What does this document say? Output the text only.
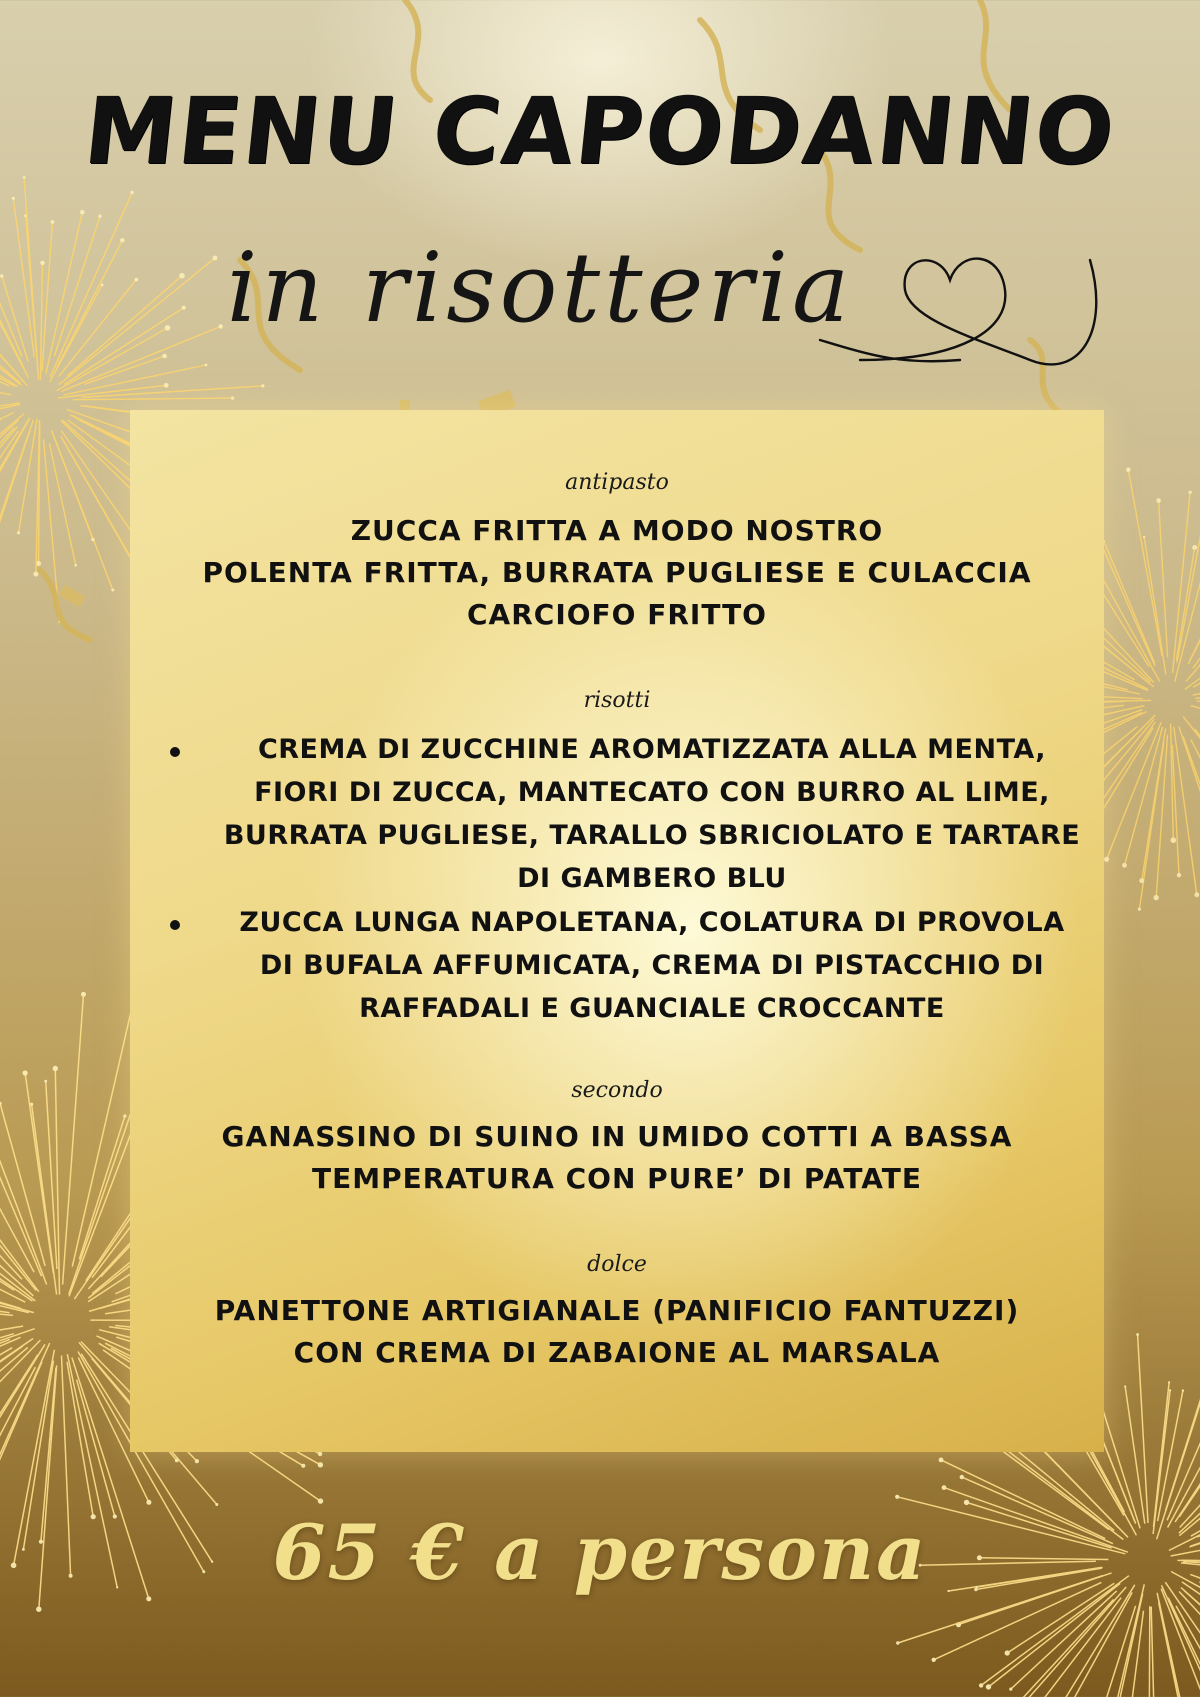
MENU CAPODANNO
in risotteria
antipasto
ZUCCA FRITTA A MODO NOSTRO
POLENTA FRITTA, BURRATA PUGLIESE E CULACCIA
CARCIOFO FRITTO
risotti
CREMA DI ZUCCHINE AROMATIZZATA ALLA MENTA, FIORI DI ZUCCA, MANTECATO CON BURRO AL LIME, BURRATA PUGLIESE, TARALLO SBRICIOLATO E TARTARE DI GAMBERO BLU
ZUCCA LUNGA NAPOLETANA, COLATURA DI PROVOLA DI BUFALA AFFUMICATA, CREMA DI PISTACCHIO DI RAFFADALI E GUANCIALE CROCCANTE
secondo
GANASSINO DI SUINO IN UMIDO COTTI A BASSA TEMPERATURA CON PURE’ DI PATATE
dolce
PANETTONE ARTIGIANALE (PANIFICIO FANTUZZI) CON CREMA DI ZABAIONE AL MARSALA
65 € a persona
